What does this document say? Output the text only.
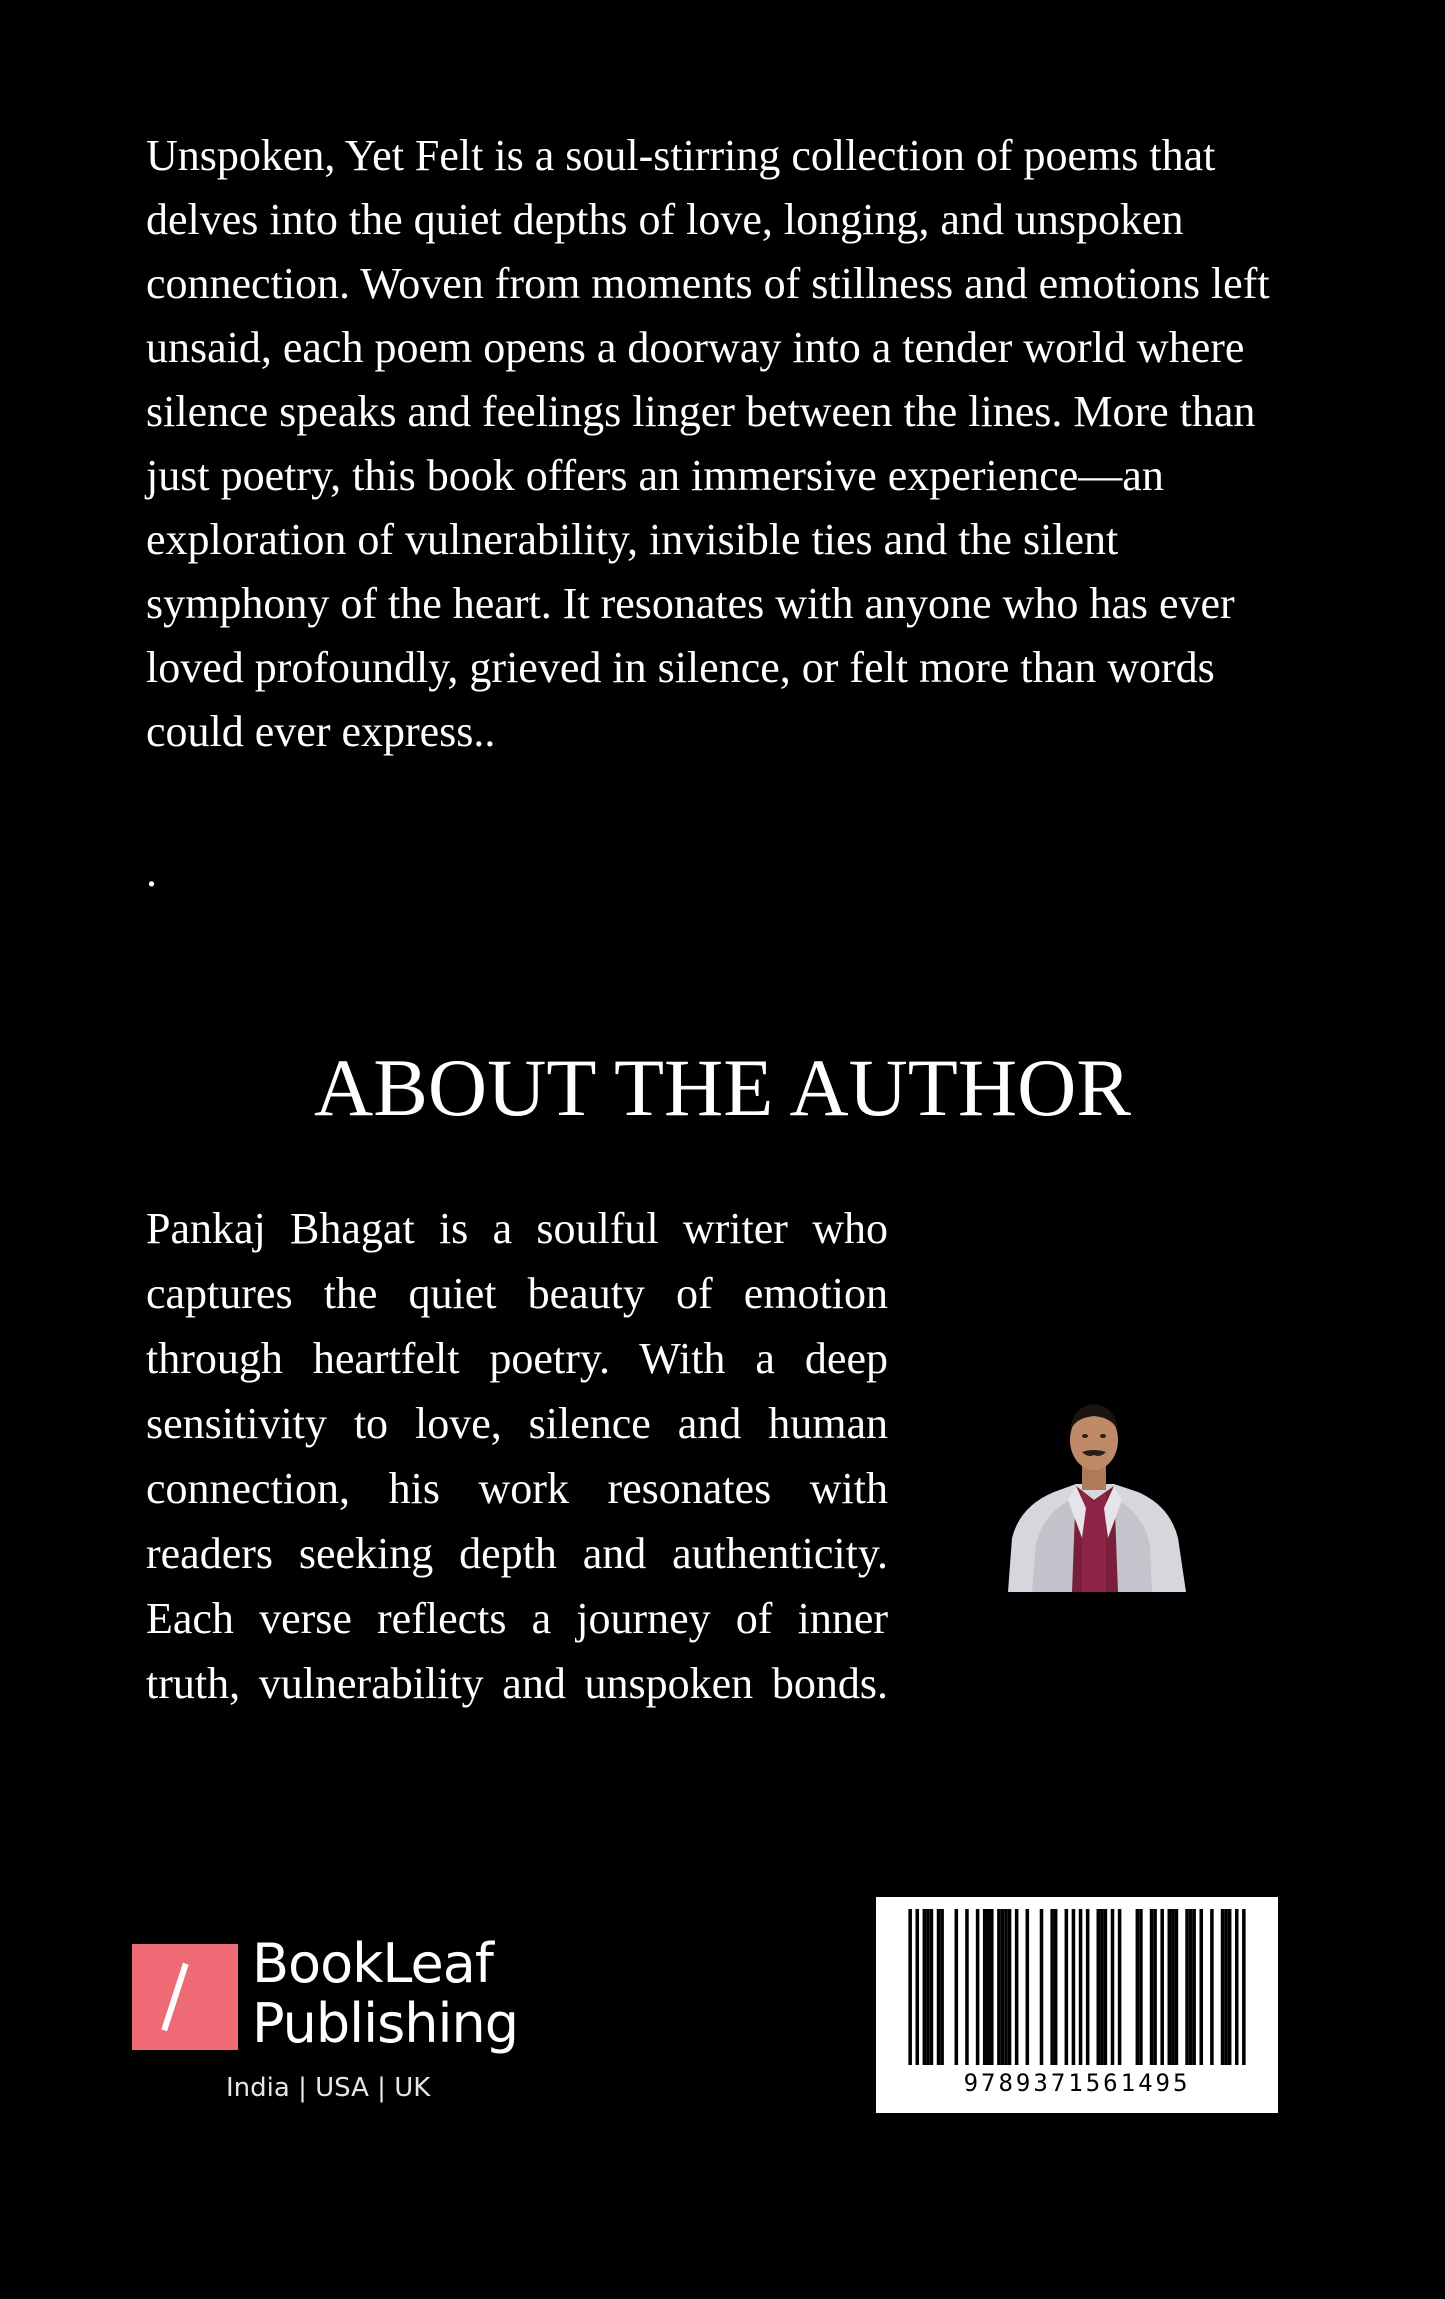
Unspoken, Yet Felt is a soul-stirring collection of poems that delves into the quiet depths of love, longing, and unspoken connection. Woven from moments of stillness and emotions left unsaid, each poem opens a doorway into a tender world where silence speaks and feelings linger between the lines. More than just poetry, this book offers an immersive experience—an exploration of vulnerability, invisible ties and the silent symphony of the heart. It resonates with anyone who has ever loved profoundly, grieved in silence, or felt more than words could ever express..

.
ABOUT THE AUTHOR

Pankaj Bhagat is a soulful writer who captures the quiet beauty of emotion through heartfelt poetry. With a deep sensitivity to love, silence and human connection, his work resonates with readers seeking depth and authenticity. Each verse reflects a journey of inner truth, vulnerability and unspoken bonds.

BookLeaf
Publishing
India | USA | UK	9789371561495
